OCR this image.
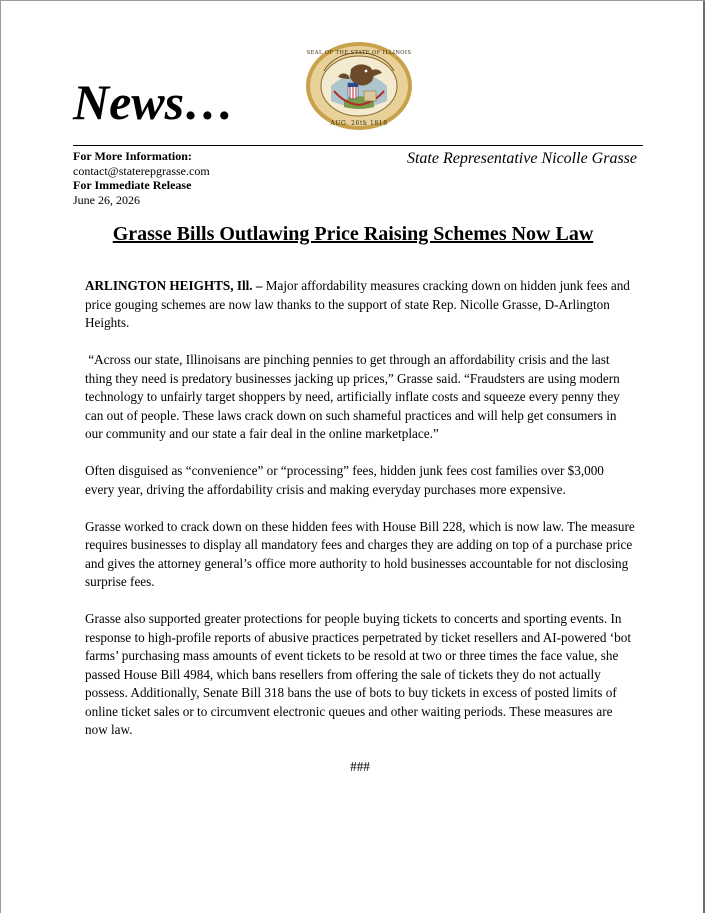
News…
SEAL OF THE STATE OF ILLINOIS
AUG. 26th 1818
For More Information:
contact@staterepgrasse.com
For Immediate Release
June 26, 2026
State Representative Nicolle Grasse
Grasse Bills Outlawing Price Raising Schemes Now Law

ARLINGTON HEIGHTS, Ill. – Major affordability measures cracking down on hidden junk fees and price gouging schemes are now law thanks to the support of state Rep. Nicolle Grasse, D-Arlington Heights.

“Across our state, Illinoisans are pinching pennies to get through an affordability crisis and the last thing they need is predatory businesses jacking up prices,” Grasse said. “Fraudsters are using modern technology to unfairly target shoppers by need, artificially inflate costs and squeeze every penny they can out of people. These laws crack down on such shameful practices and will help get consumers in our community and our state a fair deal in the online marketplace.”

Often disguised as “convenience” or “processing” fees, hidden junk fees cost families over $3,000 every year, driving the affordability crisis and making everyday purchases more expensive.

Grasse worked to crack down on these hidden fees with House Bill 228, which is now law. The measure requires businesses to display all mandatory fees and charges they are adding on top of a purchase price and gives the attorney general’s office more authority to hold businesses accountable for not disclosing surprise fees.

Grasse also supported greater protections for people buying tickets to concerts and sporting events. In response to high-profile reports of abusive practices perpetrated by ticket resellers and AI-powered ‘bot farms’ purchasing mass amounts of event tickets to be resold at two or three times the face value, she passed House Bill 4984, which bans resellers from offering the sale of tickets they do not actually possess. Additionally, Senate Bill 318 bans the use of bots to buy tickets in excess of posted limits of online ticket sales or to circumvent electronic queues and other waiting periods. These measures are now law.

###
